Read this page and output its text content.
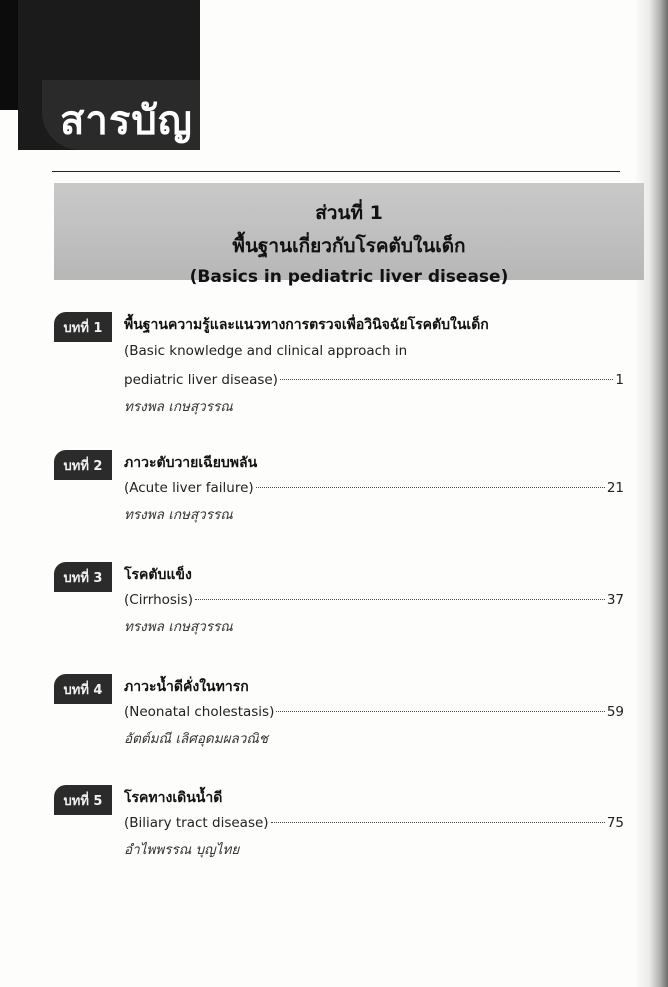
สารบัญ
ส่วนที่ 1
พื้นฐานเกี่ยวกับโรคตับในเด็ก
(Basics in pediatric liver disease)
บทที่ 1	พื้นฐานความรู้และแนวทางการตรวจเพื่อวินิจฉัยโรคตับในเด็ก

(Basic knowledge and clinical approach in

pediatric liver disease)	1

ทรงพล เกษสุวรรณ

บทที่ 2	ภาวะตับวายเฉียบพลัน

(Acute liver failure)	21

ทรงพล เกษสุวรรณ

บทที่ 3	โรคตับแข็ง

(Cirrhosis)	37

ทรงพล เกษสุวรรณ

บทที่ 4	ภาวะน้ำดีคั่งในทารก

(Neonatal cholestasis)	59

อัตต์มณี เลิศอุดมผลวณิช

บทที่ 5	โรคทางเดินน้ำดี

(Biliary tract disease)	75

อำไพพรรณ บุญไทย
